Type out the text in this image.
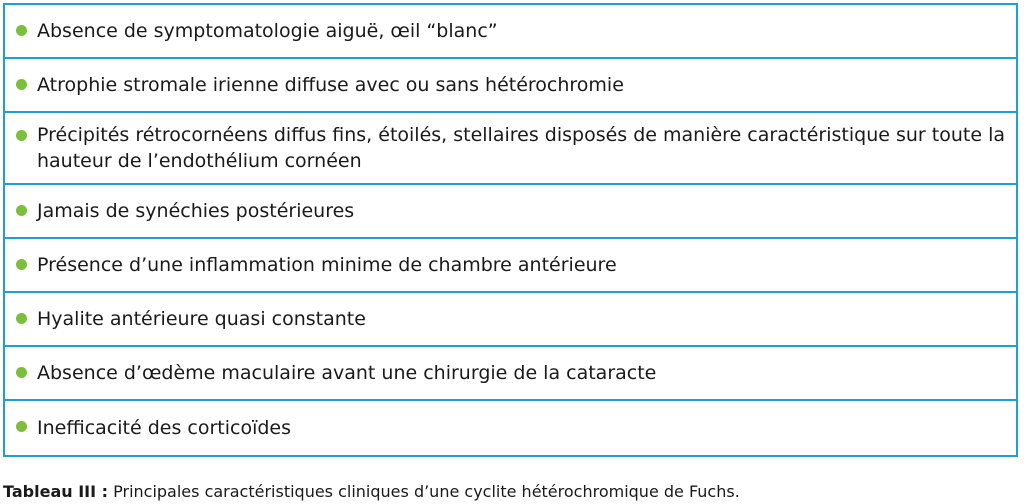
Absence de symptomatologie aiguë, œil “blanc”
Atrophie stromale irienne diffuse avec ou sans hétérochromie
Précipités rétrocornéens diffus fins, étoilés, stellaires disposés de manière caractéristique sur toute la hauteur de l’endothélium cornéen
Jamais de synéchies postérieures
Présence d’une inflammation minime de chambre antérieure
Hyalite antérieure quasi constante
Absence d’œdème maculaire avant une chirurgie de la cataracte
Inefficacité des corticoïdes
Tableau III : Principales caractéristiques cliniques d’une cyclite hétérochromique de Fuchs.
